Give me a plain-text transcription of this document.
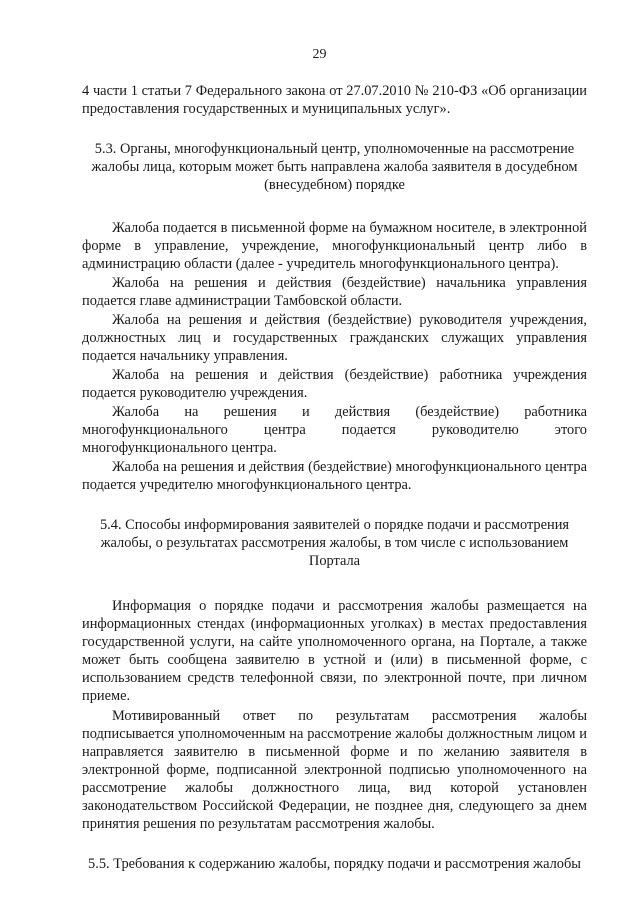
29

4 части 1 статьи 7 Федерального закона от 27.07.2010 № 210-ФЗ «Об организации предоставления государственных и муниципальных услуг».

5.3. Органы, многофункциональный центр, уполномоченные на рассмотрение жалобы лица, которым может быть направлена жалоба заявителя в досудебном (внесудебном) порядке

Жалоба подается в письменной форме на бумажном носителе, в электронной форме в управление, учреждение, многофункциональный центр либо в администрацию области (далее - учредитель многофункционального центра).

Жалоба на решения и действия (бездействие) начальника управления подается главе администрации Тамбовской области.

Жалоба на решения и действия (бездействие) руководителя учреждения, должностных лиц и государственных гражданских служащих управления подается начальнику управления.

Жалоба на решения и действия (бездействие) работника учреждения подается руководителю учреждения.

Жалоба на решения и действия (бездействие) работника многофункционального центра подается руководителю этого многофункционального центра.

Жалоба на решения и действия (бездействие) многофункционального центра подается учредителю многофункционального центра.

5.4. Способы информирования заявителей о порядке подачи и рассмотрения жалобы, о результатах рассмотрения жалобы, в том числе с использованием Портала

Информация о порядке подачи и рассмотрения жалобы размещается на информационных стендах (информационных уголках) в местах предоставления государственной услуги, на сайте уполномоченного органа, на Портале, а также может быть сообщена заявителю в устной и (или) в письменной форме, с использованием средств телефонной связи, по электронной почте, при личном приеме.

Мотивированный ответ по результатам рассмотрения жалобы подписывается уполномоченным на рассмотрение жалобы должностным лицом и направляется заявителю в письменной форме и по желанию заявителя в электронной форме, подписанной электронной подписью уполномоченного на рассмотрение жалобы должностного лица, вид которой установлен законодательством Российской Федерации, не позднее дня, следующего за днем принятия решения по результатам рассмотрения жалобы.

5.5. Требования к содержанию жалобы, порядку подачи и рассмотрения жалобы
